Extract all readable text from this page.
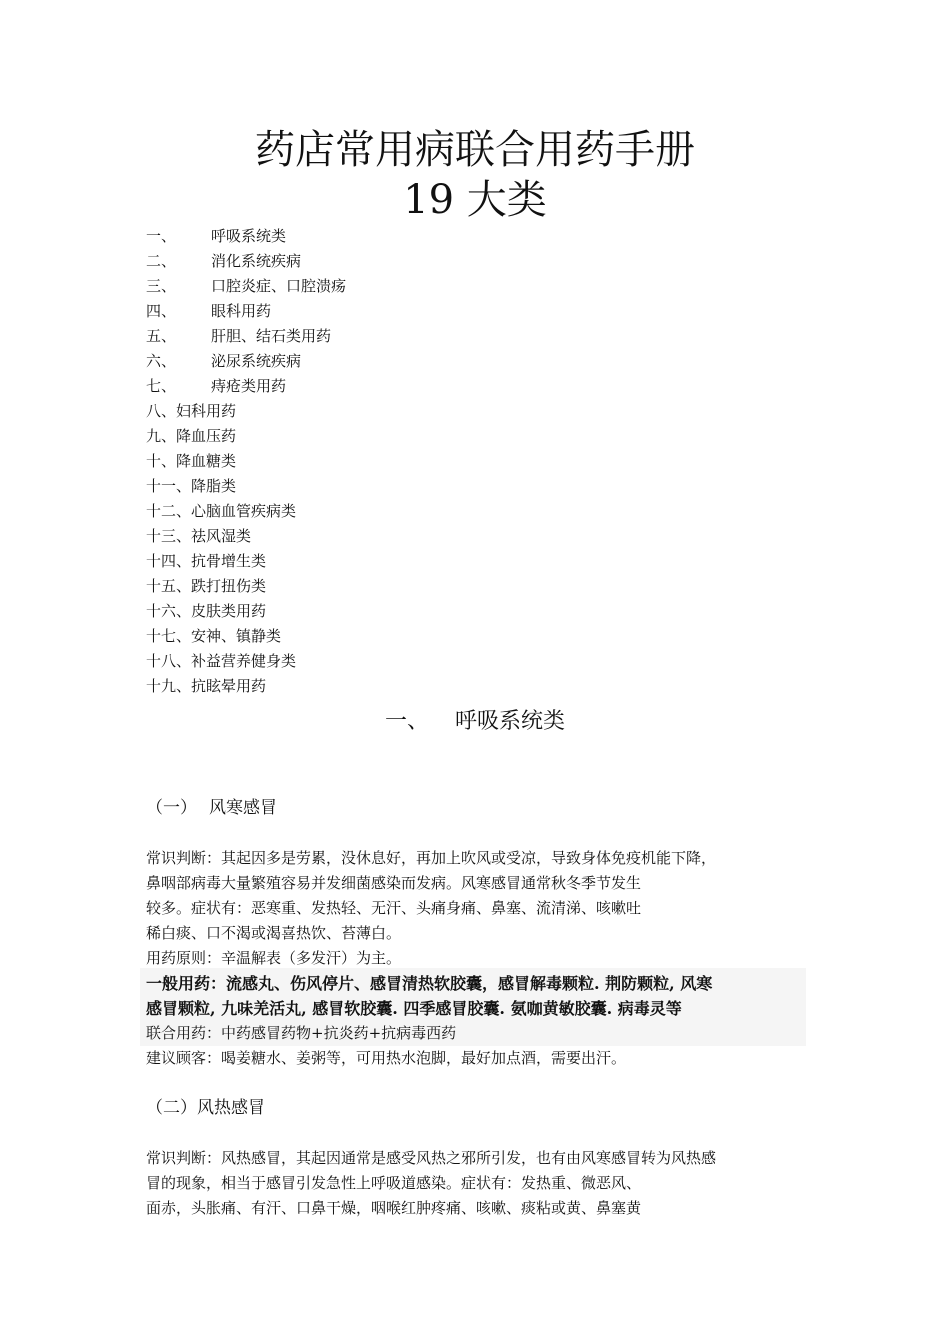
药店常用病联合用药手册
19 大类
一、 呼吸系统类
二、 消化系统疾病
三、 口腔炎症、口腔溃疡
四、 眼科用药
五、 肝胆、结石类用药
六、 泌尿系统疾病
七、 痔疮类用药
八、妇科用药
九、降血压药
十、降血糖类
十一、降脂类
十二、心脑血管疾病类
十三、祛风湿类
十四、抗骨增生类
十五、跌打扭伤类
十六、皮肤类用药
十七、安神、镇静类
十八、补益营养健身类
十九、抗眩晕用药
一、 呼吸系统类

（一） 风寒感冒

常识判断：其起因多是劳累，没休息好，再加上吹风或受凉，导致身体免疫机能下降，

鼻咽部病毒大量繁殖容易并发细菌感染而发病。风寒感冒通常秋冬季节发生

较多。症状有：恶寒重、发热轻、无汗、头痛身痛、鼻塞、流清涕、咳嗽吐

稀白痰、口不渴或渴喜热饮、苔薄白。

用药原则：辛温解表（多发汗）为主。

一般用药：流感丸、伤风停片、感冒清热软胶囊，感冒解毒颗粒. 荆防颗粒, 风寒

感冒颗粒, 九味羌活丸, 感冒软胶囊. 四季感冒胶囊. 氨咖黄敏胶囊. 病毒灵等

联合用药：中药感冒药物+抗炎药+抗病毒西药

建议顾客：喝姜糖水、姜粥等，可用热水泡脚，最好加点酒，需要出汗。

（二）风热感冒

常识判断：风热感冒，其起因通常是感受风热之邪所引发，也有由风寒感冒转为风热感

冒的现象，相当于感冒引发急性上呼吸道感染。症状有：发热重、微恶风、

面赤，头胀痛、有汗、口鼻干燥，咽喉红肿疼痛、咳嗽、痰粘或黄、鼻塞黄
